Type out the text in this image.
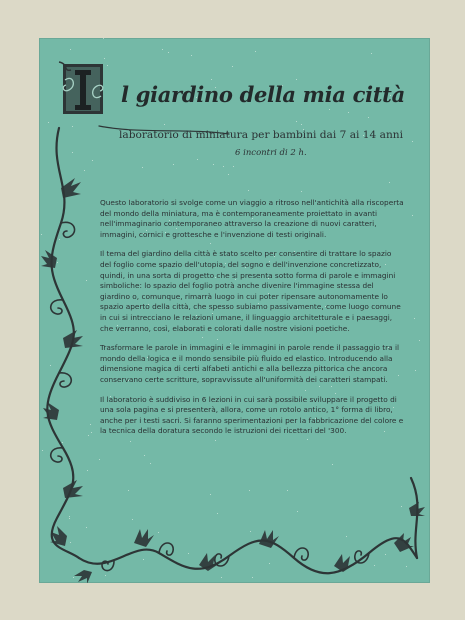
l giardino della mia città
laboratorio di miniatura per bambini dai 7 ai 14 anni
6 incontri di 2 h.

Questo laboratorio si svolge come un viaggio a ritroso nell'antichità alla riscoperta del mondo della miniatura, ma è contemporaneamente proiettato in avanti nell'immaginario contemporaneo attraverso la creazione di nuovi caratteri, immagini, cornici e grottesche e l'invenzione di testi originali.

Il tema del giardino della città è stato scelto per consentire di trattare lo spazio del foglio come spazio dell'utopia, del sogno e dell'invenzione concretizzato, quindi, in una sorta di progetto che si presenta sotto forma di parole e immagini simboliche: lo spazio del foglio potrà anche divenire l'immagine stessa del giardino o, comunque, rimarrà luogo in cui poter ripensare autonomamente lo spazio aperto della città, che spesso subiamo passivamente, come luogo comune in cui si intrecciano le relazioni umane, il linguaggio architetturale e i paesaggi, che verranno, così, elaborati e colorati dalle nostre visioni poetiche.

Trasformare le parole in immagini e le immagini in parole rende il passaggio tra il mondo della logica e il mondo sensibile più fluido ed elastico. Introducendo alla dimensione magica di certi alfabeti antichi e alla bellezza pittorica che ancora conservano certe scritture, sopravvissute all'uniformità dei caratteri stampati.

Il laboratorio è suddiviso in 6 lezioni in cui sarà possibile sviluppare il progetto di una sola pagina e si presenterà, allora, come un rotolo antico, 1° forma di libro, anche per i testi sacri. Si faranno sperimentazioni per la fabbricazione del colore e la tecnica della doratura secondo le istruzioni dei ricettari del '300.
